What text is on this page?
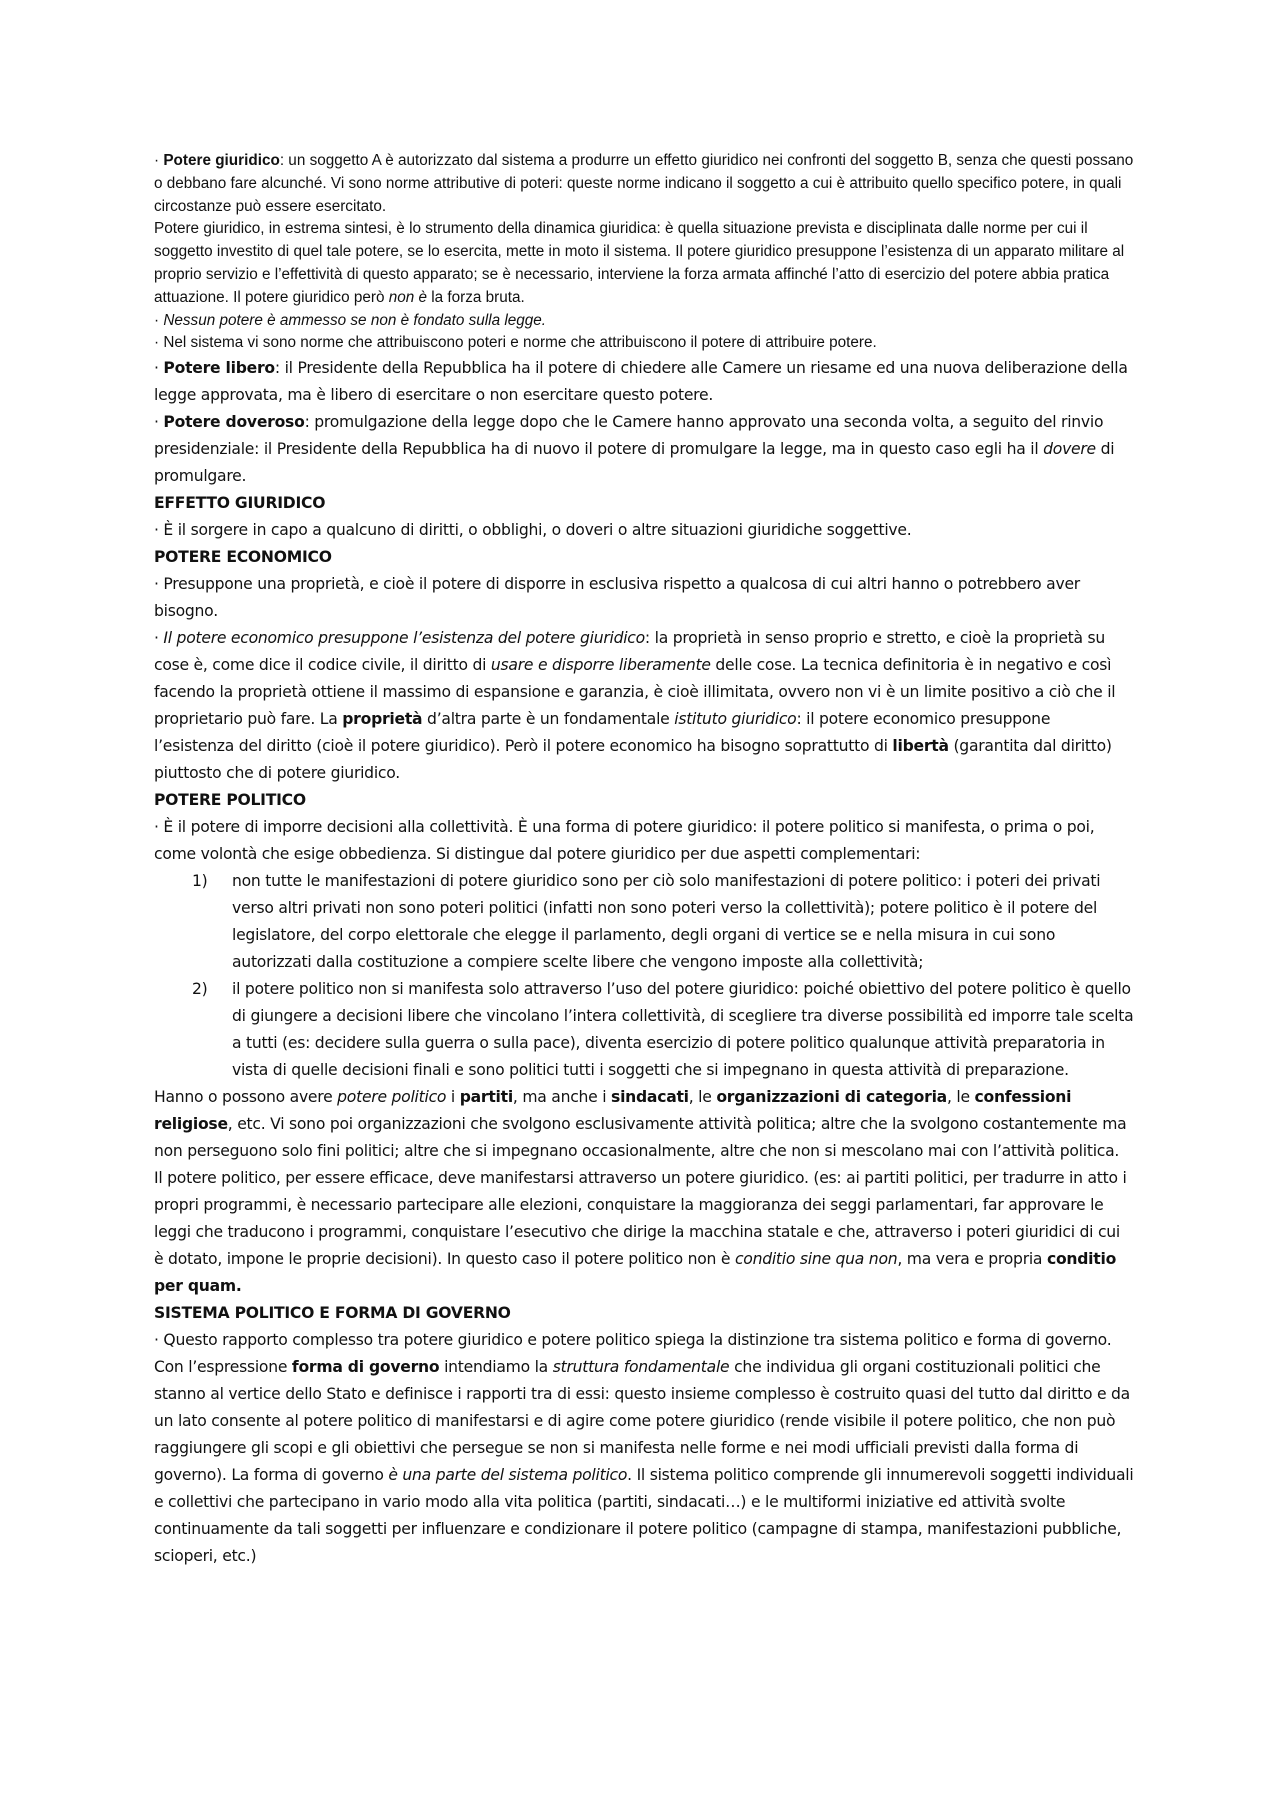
· Potere giuridico: un soggetto A è autorizzato dal sistema a produrre un effetto giuridico nei confronti del soggetto B, senza che questi possano o debbano fare alcunché. Vi sono norme attributive di poteri: queste norme indicano il soggetto a cui è attribuito quello specifico potere, in quali circostanze può essere esercitato.

Potere giuridico, in estrema sintesi, è lo strumento della dinamica giuridica: è quella situazione prevista e disciplinata dalle norme per cui il soggetto investito di quel tale potere, se lo esercita, mette in moto il sistema. Il potere giuridico presuppone l’esistenza di un apparato militare al proprio servizio e l’effettività di questo apparato; se è necessario, interviene la forza armata affinché l’atto di esercizio del potere abbia pratica attuazione. Il potere giuridico però non è la forza bruta.

· Nessun potere è ammesso se non è fondato sulla legge.

· Nel sistema vi sono norme che attribuiscono poteri e norme che attribuiscono il potere di attribuire potere.

· Potere libero: il Presidente della Repubblica ha il potere di chiedere alle Camere un riesame ed una nuova deliberazione della legge approvata, ma è libero di esercitare o non esercitare questo potere.

· Potere doveroso: promulgazione della legge dopo che le Camere hanno approvato una seconda volta, a seguito del rinvio presidenziale: il Presidente della Repubblica ha di nuovo il potere di promulgare la legge, ma in questo caso egli ha il dovere di promulgare.

EFFETTO GIURIDICO

· È il sorgere in capo a qualcuno di diritti, o obblighi, o doveri o altre situazioni giuridiche soggettive.

POTERE ECONOMICO

· Presuppone una proprietà, e cioè il potere di disporre in esclusiva rispetto a qualcosa di cui altri hanno o potrebbero aver bisogno.

· Il potere economico presuppone l’esistenza del potere giuridico: la proprietà in senso proprio e stretto, e cioè la proprietà su cose è, come dice il codice civile, il diritto di usare e disporre liberamente delle cose. La tecnica definitoria è in negativo e così facendo la proprietà ottiene il massimo di espansione e garanzia, è cioè illimitata, ovvero non vi è un limite positivo a ciò che il proprietario può fare. La proprietà d’altra parte è un fondamentale istituto giuridico: il potere economico presuppone l’esistenza del diritto (cioè il potere giuridico). Però il potere economico ha bisogno soprattutto di libertà (garantita dal diritto) piuttosto che di potere giuridico.

POTERE POLITICO

· È il potere di imporre decisioni alla collettività. È una forma di potere giuridico: il potere politico si manifesta, o prima o poi, come volontà che esige obbedienza. Si distingue dal potere giuridico per due aspetti complementari:

1) non tutte le manifestazioni di potere giuridico sono per ciò solo manifestazioni di potere politico: i poteri dei privati verso altri privati non sono poteri politici (infatti non sono poteri verso la collettività); potere politico è il potere del legislatore, del corpo elettorale che elegge il parlamento, degli organi di vertice se e nella misura in cui sono autorizzati dalla costituzione a compiere scelte libere che vengono imposte alla collettività;
2) il potere politico non si manifesta solo attraverso l’uso del potere giuridico: poiché obiettivo del potere politico è quello di giungere a decisioni libere che vincolano l’intera collettività, di scegliere tra diverse possibilità ed imporre tale scelta a tutti (es: decidere sulla guerra o sulla pace), diventa esercizio di potere politico qualunque attività preparatoria in vista di quelle decisioni finali e sono politici tutti i soggetti che si impegnano in questa attività di preparazione.

Hanno o possono avere potere politico i partiti, ma anche i sindacati, le organizzazioni di categoria, le confessioni religiose, etc. Vi sono poi organizzazioni che svolgono esclusivamente attività politica; altre che la svolgono costantemente ma non perseguono solo fini politici; altre che si impegnano occasionalmente, altre che non si mescolano mai con l’attività politica.

Il potere politico, per essere efficace, deve manifestarsi attraverso un potere giuridico. (es: ai partiti politici, per tradurre in atto i propri programmi, è necessario partecipare alle elezioni, conquistare la maggioranza dei seggi parlamentari, far approvare le leggi che traducono i programmi, conquistare l’esecutivo che dirige la macchina statale e che, attraverso i poteri giuridici di cui è dotato, impone le proprie decisioni). In questo caso il potere politico non è conditio sine qua non, ma vera e propria conditio per quam.

SISTEMA POLITICO E FORMA DI GOVERNO

· Questo rapporto complesso tra potere giuridico e potere politico spiega la distinzione tra sistema politico e forma di governo. Con l’espressione forma di governo intendiamo la struttura fondamentale che individua gli organi costituzionali politici che stanno al vertice dello Stato e definisce i rapporti tra di essi: questo insieme complesso è costruito quasi del tutto dal diritto e da un lato consente al potere politico di manifestarsi e di agire come potere giuridico (rende visibile il potere politico, che non può raggiungere gli scopi e gli obiettivi che persegue se non si manifesta nelle forme e nei modi ufficiali previsti dalla forma di governo). La forma di governo è una parte del sistema politico. Il sistema politico comprende gli innumerevoli soggetti individuali e collettivi che partecipano in vario modo alla vita politica (partiti, sindacati…) e le multiformi iniziative ed attività svolte continuamente da tali soggetti per influenzare e condizionare il potere politico (campagne di stampa, manifestazioni pubbliche, scioperi, etc.)
